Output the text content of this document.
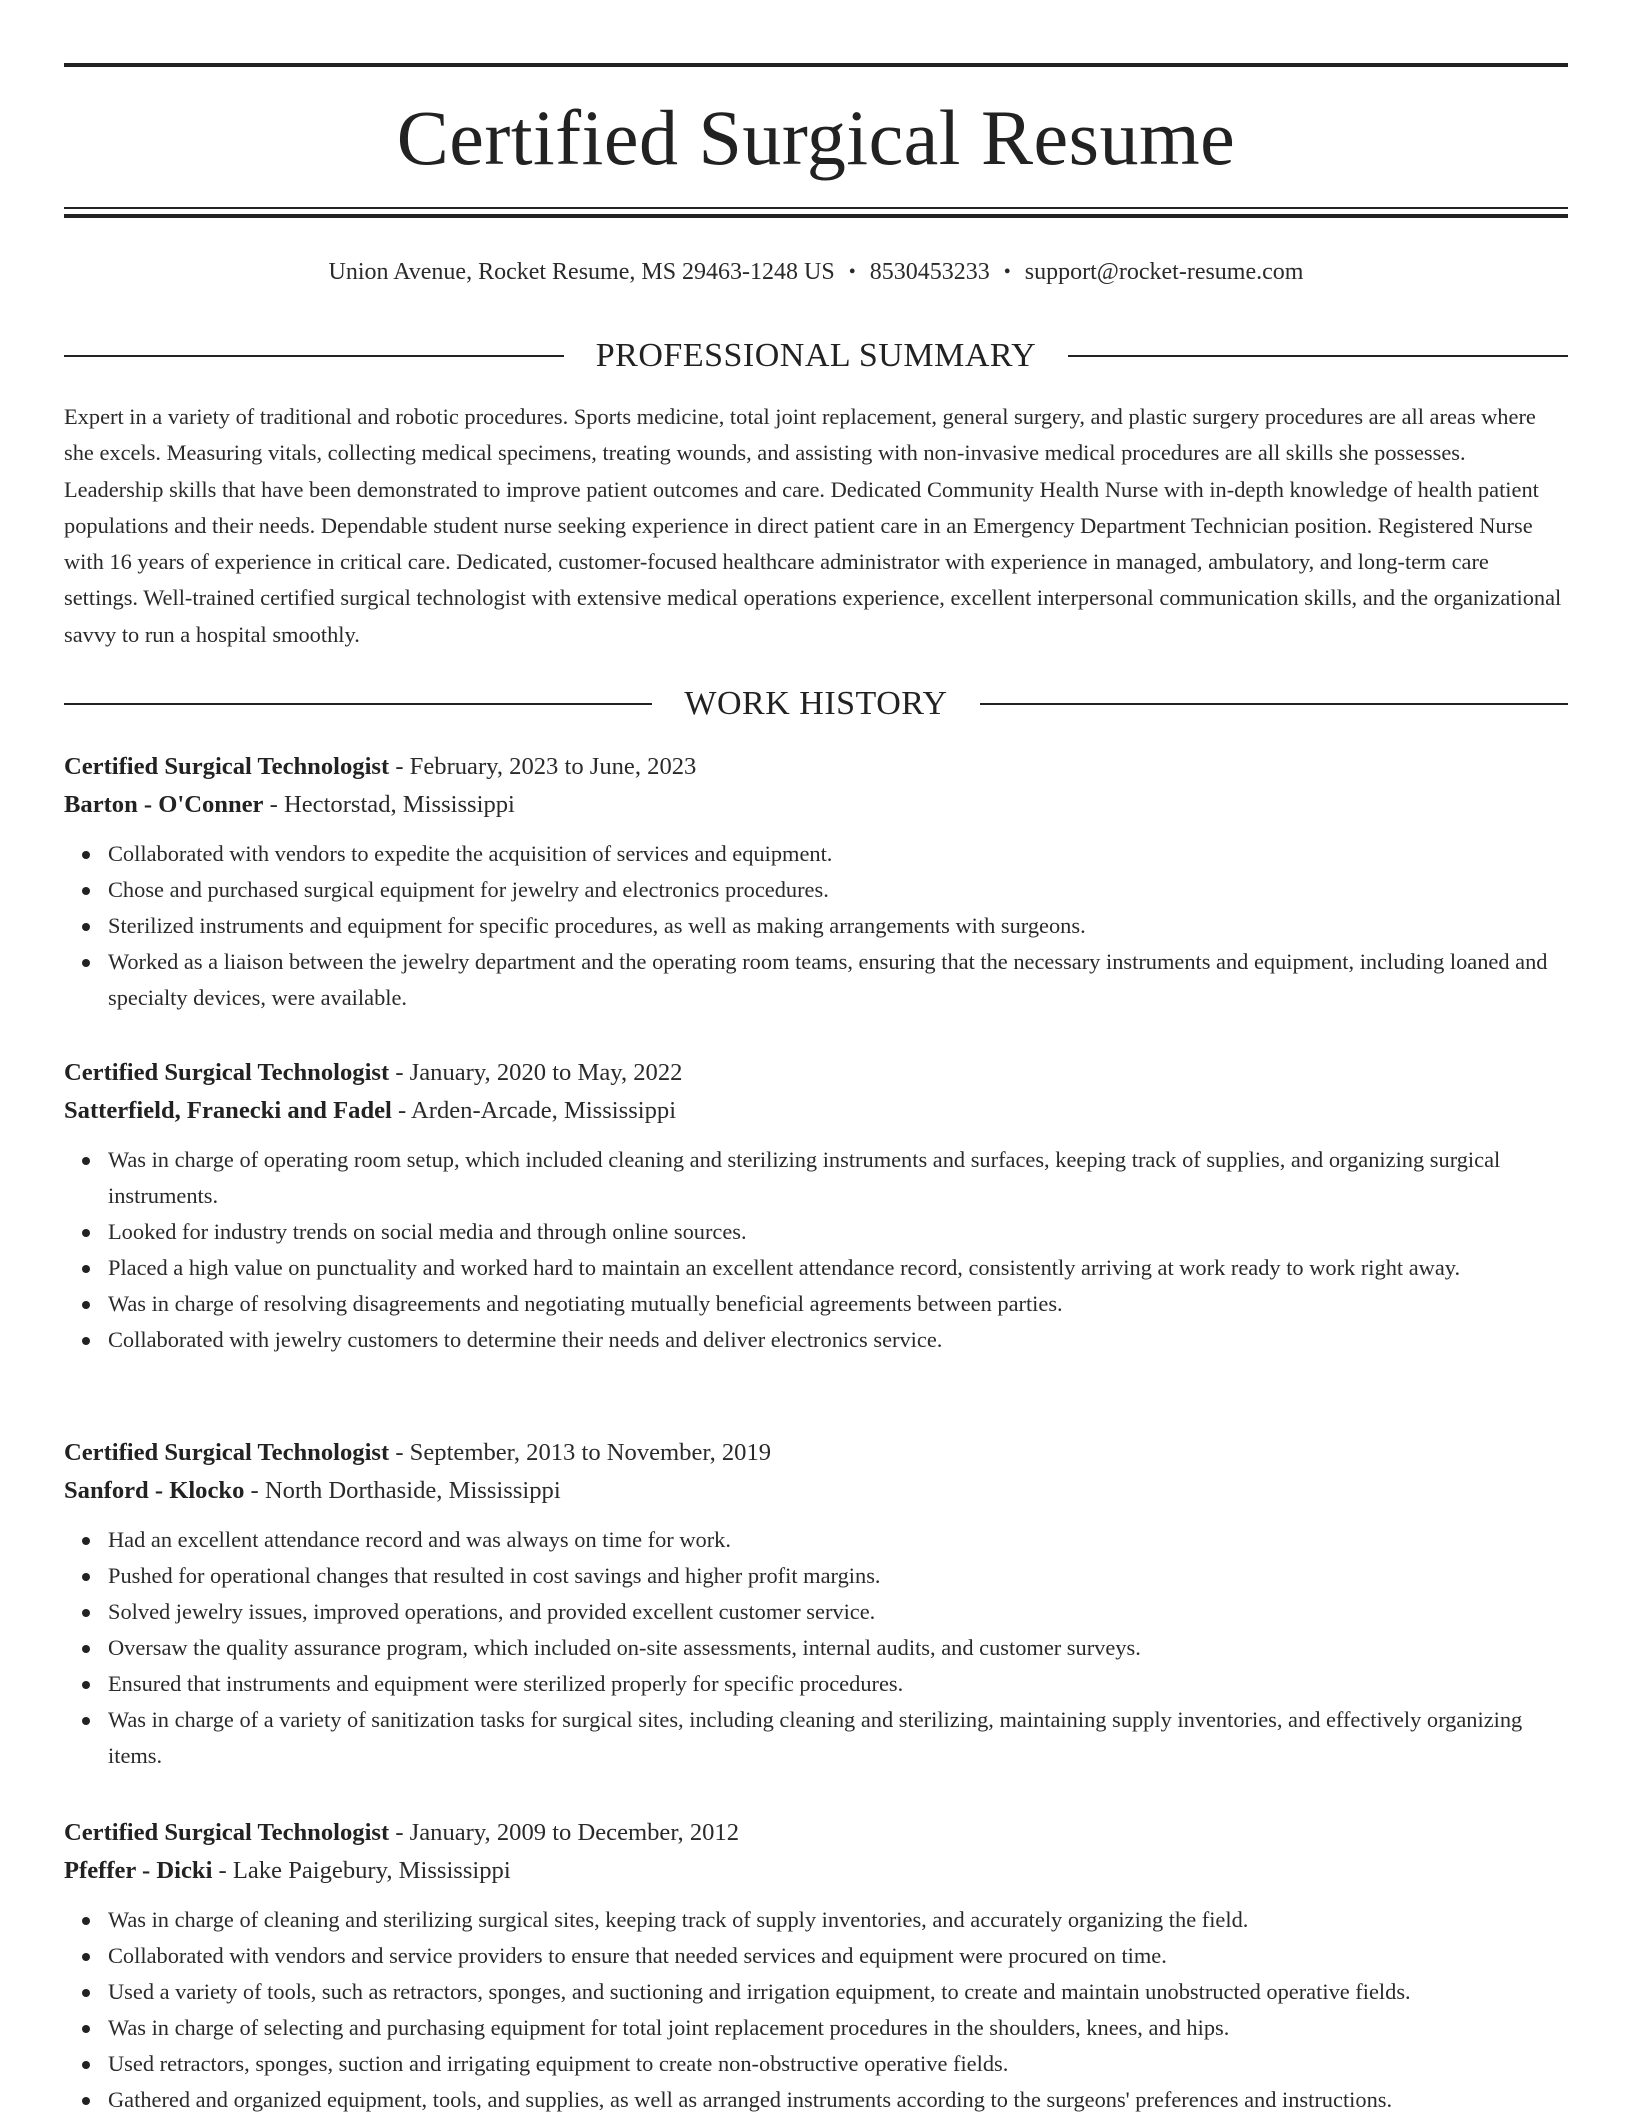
Certified Surgical Resume
Union Avenue, Rocket Resume, MS 29463-1248 US • 8530453233 • support@rocket-resume.com
PROFESSIONAL SUMMARY

Expert in a variety of traditional and robotic procedures. Sports medicine, total joint replacement, general surgery, and plastic surgery procedures are all areas where she excels. Measuring vitals, collecting medical specimens, treating wounds, and assisting with non-invasive medical procedures are all skills she possesses. Leadership skills that have been demonstrated to improve patient outcomes and care. Dedicated Community Health Nurse with in-depth knowledge of health patient populations and their needs. Dependable student nurse seeking experience in direct patient care in an Emergency Department Technician position. Registered Nurse with 16 years of experience in critical care. Dedicated, customer-focused healthcare administrator with experience in managed, ambulatory, and long-term care settings. Well-trained certified surgical technologist with extensive medical operations experience, excellent interpersonal communication skills, and the organizational savvy to run a hospital smoothly.

WORK HISTORY
Certified Surgical Technologist - February, 2023 to June, 2023
Barton - O'Conner - Hectorstad, Mississippi
Collaborated with vendors to expedite the acquisition of services and equipment.
Chose and purchased surgical equipment for jewelry and electronics procedures.
Sterilized instruments and equipment for specific procedures, as well as making arrangements with surgeons.
Worked as a liaison between the jewelry department and the operating room teams, ensuring that the necessary instruments and equipment, including loaned and specialty devices, were available.
Certified Surgical Technologist - January, 2020 to May, 2022
Satterfield, Franecki and Fadel - Arden-Arcade, Mississippi
Was in charge of operating room setup, which included cleaning and sterilizing instruments and surfaces, keeping track of supplies, and organizing surgical instruments.
Looked for industry trends on social media and through online sources.
Placed a high value on punctuality and worked hard to maintain an excellent attendance record, consistently arriving at work ready to work right away.
Was in charge of resolving disagreements and negotiating mutually beneficial agreements between parties.
Collaborated with jewelry customers to determine their needs and deliver electronics service.
Certified Surgical Technologist - September, 2013 to November, 2019
Sanford - Klocko - North Dorthaside, Mississippi
Had an excellent attendance record and was always on time for work.
Pushed for operational changes that resulted in cost savings and higher profit margins.
Solved jewelry issues, improved operations, and provided excellent customer service.
Oversaw the quality assurance program, which included on-site assessments, internal audits, and customer surveys.
Ensured that instruments and equipment were sterilized properly for specific procedures.
Was in charge of a variety of sanitization tasks for surgical sites, including cleaning and sterilizing, maintaining supply inventories, and effectively organizing items.
Certified Surgical Technologist - January, 2009 to December, 2012
Pfeffer - Dicki - Lake Paigebury, Mississippi
Was in charge of cleaning and sterilizing surgical sites, keeping track of supply inventories, and accurately organizing the field.
Collaborated with vendors and service providers to ensure that needed services and equipment were procured on time.
Used a variety of tools, such as retractors, sponges, and suctioning and irrigation equipment, to create and maintain unobstructed operative fields.
Was in charge of selecting and purchasing equipment for total joint replacement procedures in the shoulders, knees, and hips.
Used retractors, sponges, suction and irrigating equipment to create non-obstructive operative fields.
Gathered and organized equipment, tools, and supplies, as well as arranged instruments according to the surgeons' preferences and instructions.
